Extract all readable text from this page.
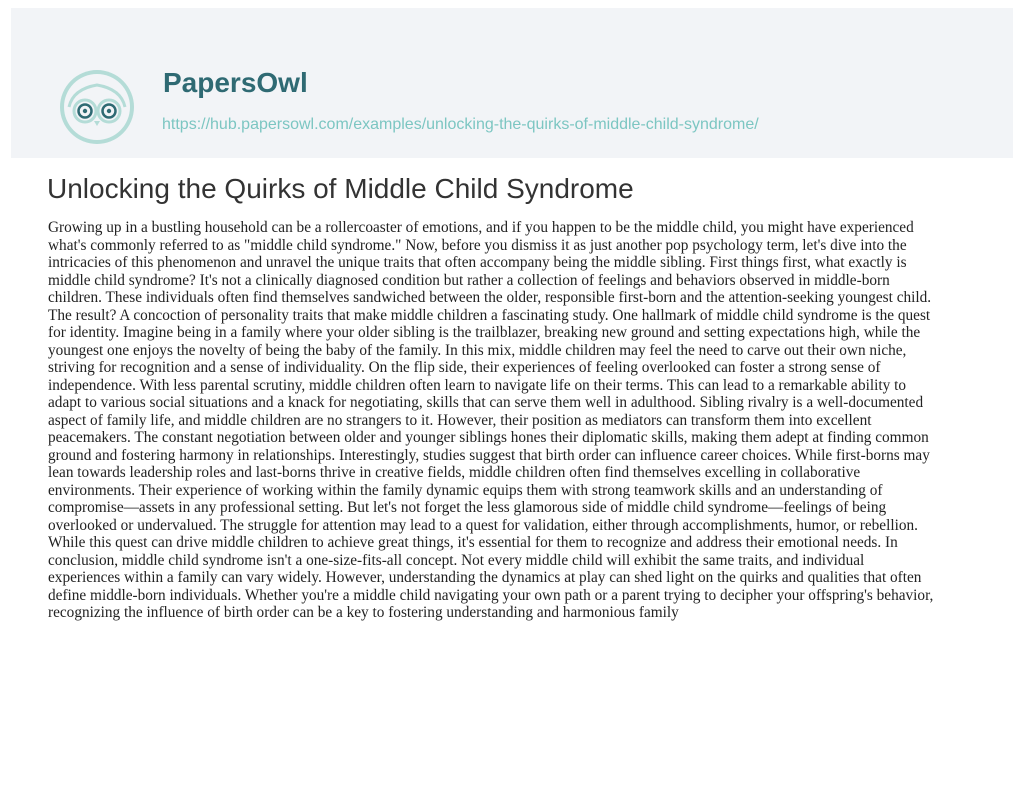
PapersOwl
https://hub.papersowl.com/examples/unlocking-the-quirks-of-middle-child-syndrome/
Unlocking the Quirks of Middle Child Syndrome
Growing up in a bustling household can be a rollercoaster of emotions, and if you happen to be the middle child, you might have experienced
what's commonly referred to as "middle child syndrome." Now, before you dismiss it as just another pop psychology term, let's dive into the
intricacies of this phenomenon and unravel the unique traits that often accompany being the middle sibling. First things first, what exactly is
middle child syndrome? It's not a clinically diagnosed condition but rather a collection of feelings and behaviors observed in middle-born
children. These individuals often find themselves sandwiched between the older, responsible first-born and the attention-seeking youngest child.
The result? A concoction of personality traits that make middle children a fascinating study. One hallmark of middle child syndrome is the quest
for identity. Imagine being in a family where your older sibling is the trailblazer, breaking new ground and setting expectations high, while the
youngest one enjoys the novelty of being the baby of the family. In this mix, middle children may feel the need to carve out their own niche,
striving for recognition and a sense of individuality. On the flip side, their experiences of feeling overlooked can foster a strong sense of
independence. With less parental scrutiny, middle children often learn to navigate life on their terms. This can lead to a remarkable ability to
adapt to various social situations and a knack for negotiating, skills that can serve them well in adulthood. Sibling rivalry is a well-documented
aspect of family life, and middle children are no strangers to it. However, their position as mediators can transform them into excellent
peacemakers. The constant negotiation between older and younger siblings hones their diplomatic skills, making them adept at finding common
ground and fostering harmony in relationships. Interestingly, studies suggest that birth order can influence career choices. While first-borns may
lean towards leadership roles and last-borns thrive in creative fields, middle children often find themselves excelling in collaborative
environments. Their experience of working within the family dynamic equips them with strong teamwork skills and an understanding of
compromise—assets in any professional setting. But let's not forget the less glamorous side of middle child syndrome—feelings of being
overlooked or undervalued. The struggle for attention may lead to a quest for validation, either through accomplishments, humor, or rebellion.
While this quest can drive middle children to achieve great things, it's essential for them to recognize and address their emotional needs. In
conclusion, middle child syndrome isn't a one-size-fits-all concept. Not every middle child will exhibit the same traits, and individual
experiences within a family can vary widely. However, understanding the dynamics at play can shed light on the quirks and qualities that often
define middle-born individuals. Whether you're a middle child navigating your own path or a parent trying to decipher your offspring's behavior,
recognizing the influence of birth order can be a key to fostering understanding and harmonious family
